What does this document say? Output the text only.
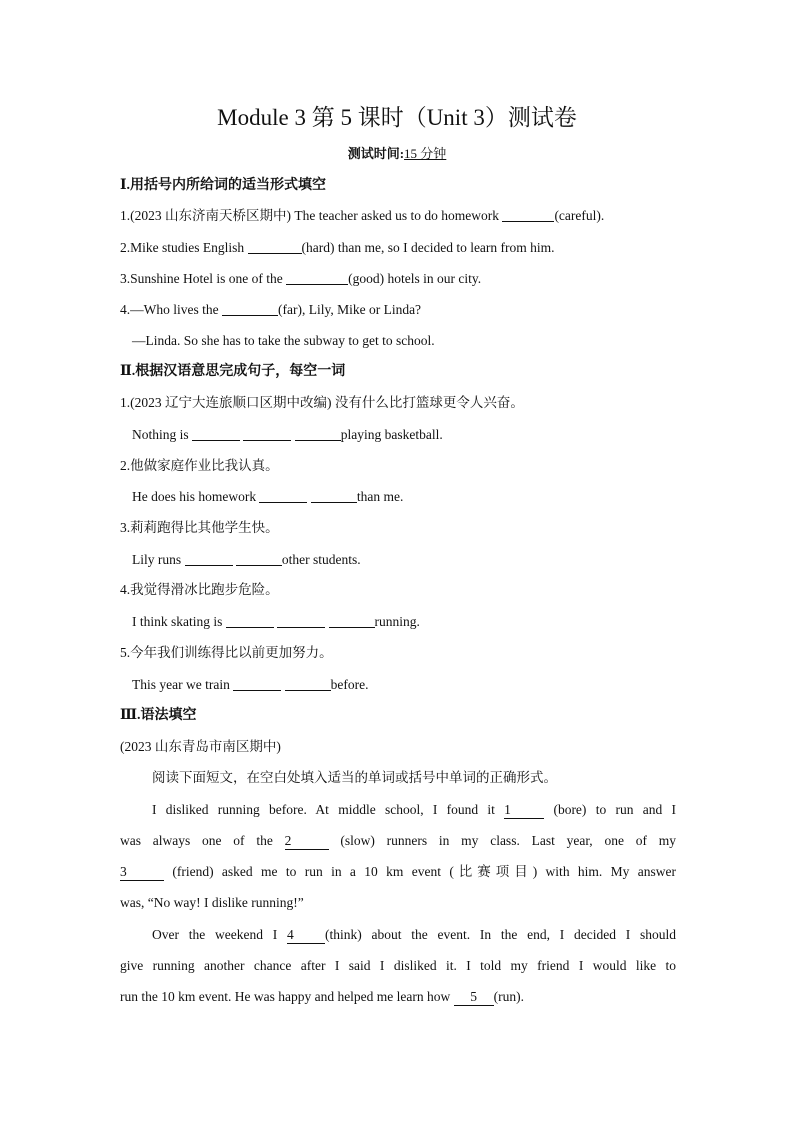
Module 3 第 5 课时（Unit 3）测试卷
测试时间:15 分钟
Ⅰ.用括号内所给词的适当形式填空
1.(2023 山东济南天桥区期中) The teacher asked us to do homework	(careful).
2.Mike studies English	(hard) than me, so I decided to learn from him.
3.Sunshine Hotel is one of the	(good) hotels in our city.
4.—Who lives the	(far), Lily, Mike or Linda?
—Linda. So she has to take the subway to get to school.
Ⅱ.根据汉语意思完成句子，每空一词
1.(2023 辽宁大连旅顺口区期中改编) 没有什么比打篮球更令人兴奋。
Nothing is	playing basketball.
2.他做家庭作业比我认真。
He does his homework	than me.
3.莉莉跑得比其他学生快。
Lily runs	other students.
4.我觉得滑冰比跑步危险。
I think skating is	running.
5.今年我们训练得比以前更加努力。
This year we train	before.
Ⅲ.语法填空
(2023 山东青岛市南区期中)
阅读下面短文，在空白处填入适当的单词或括号中单词的正确形式。
I disliked running before. At middle school, I found it 1 (bore) to run and I
was always one of the 2	(slow) runners in my class. Last year, one of my
3	(friend) asked me to run in a 10 km event (比赛项目) with him. My answer
was, “No way! I dislike running!”
Over the weekend I 4 (think) about the event. In the end, I decided I should
give running another chance after I said I disliked it. I told my friend I would like to
run the 10 km event. He was happy and helped me learn how 5 (run).
